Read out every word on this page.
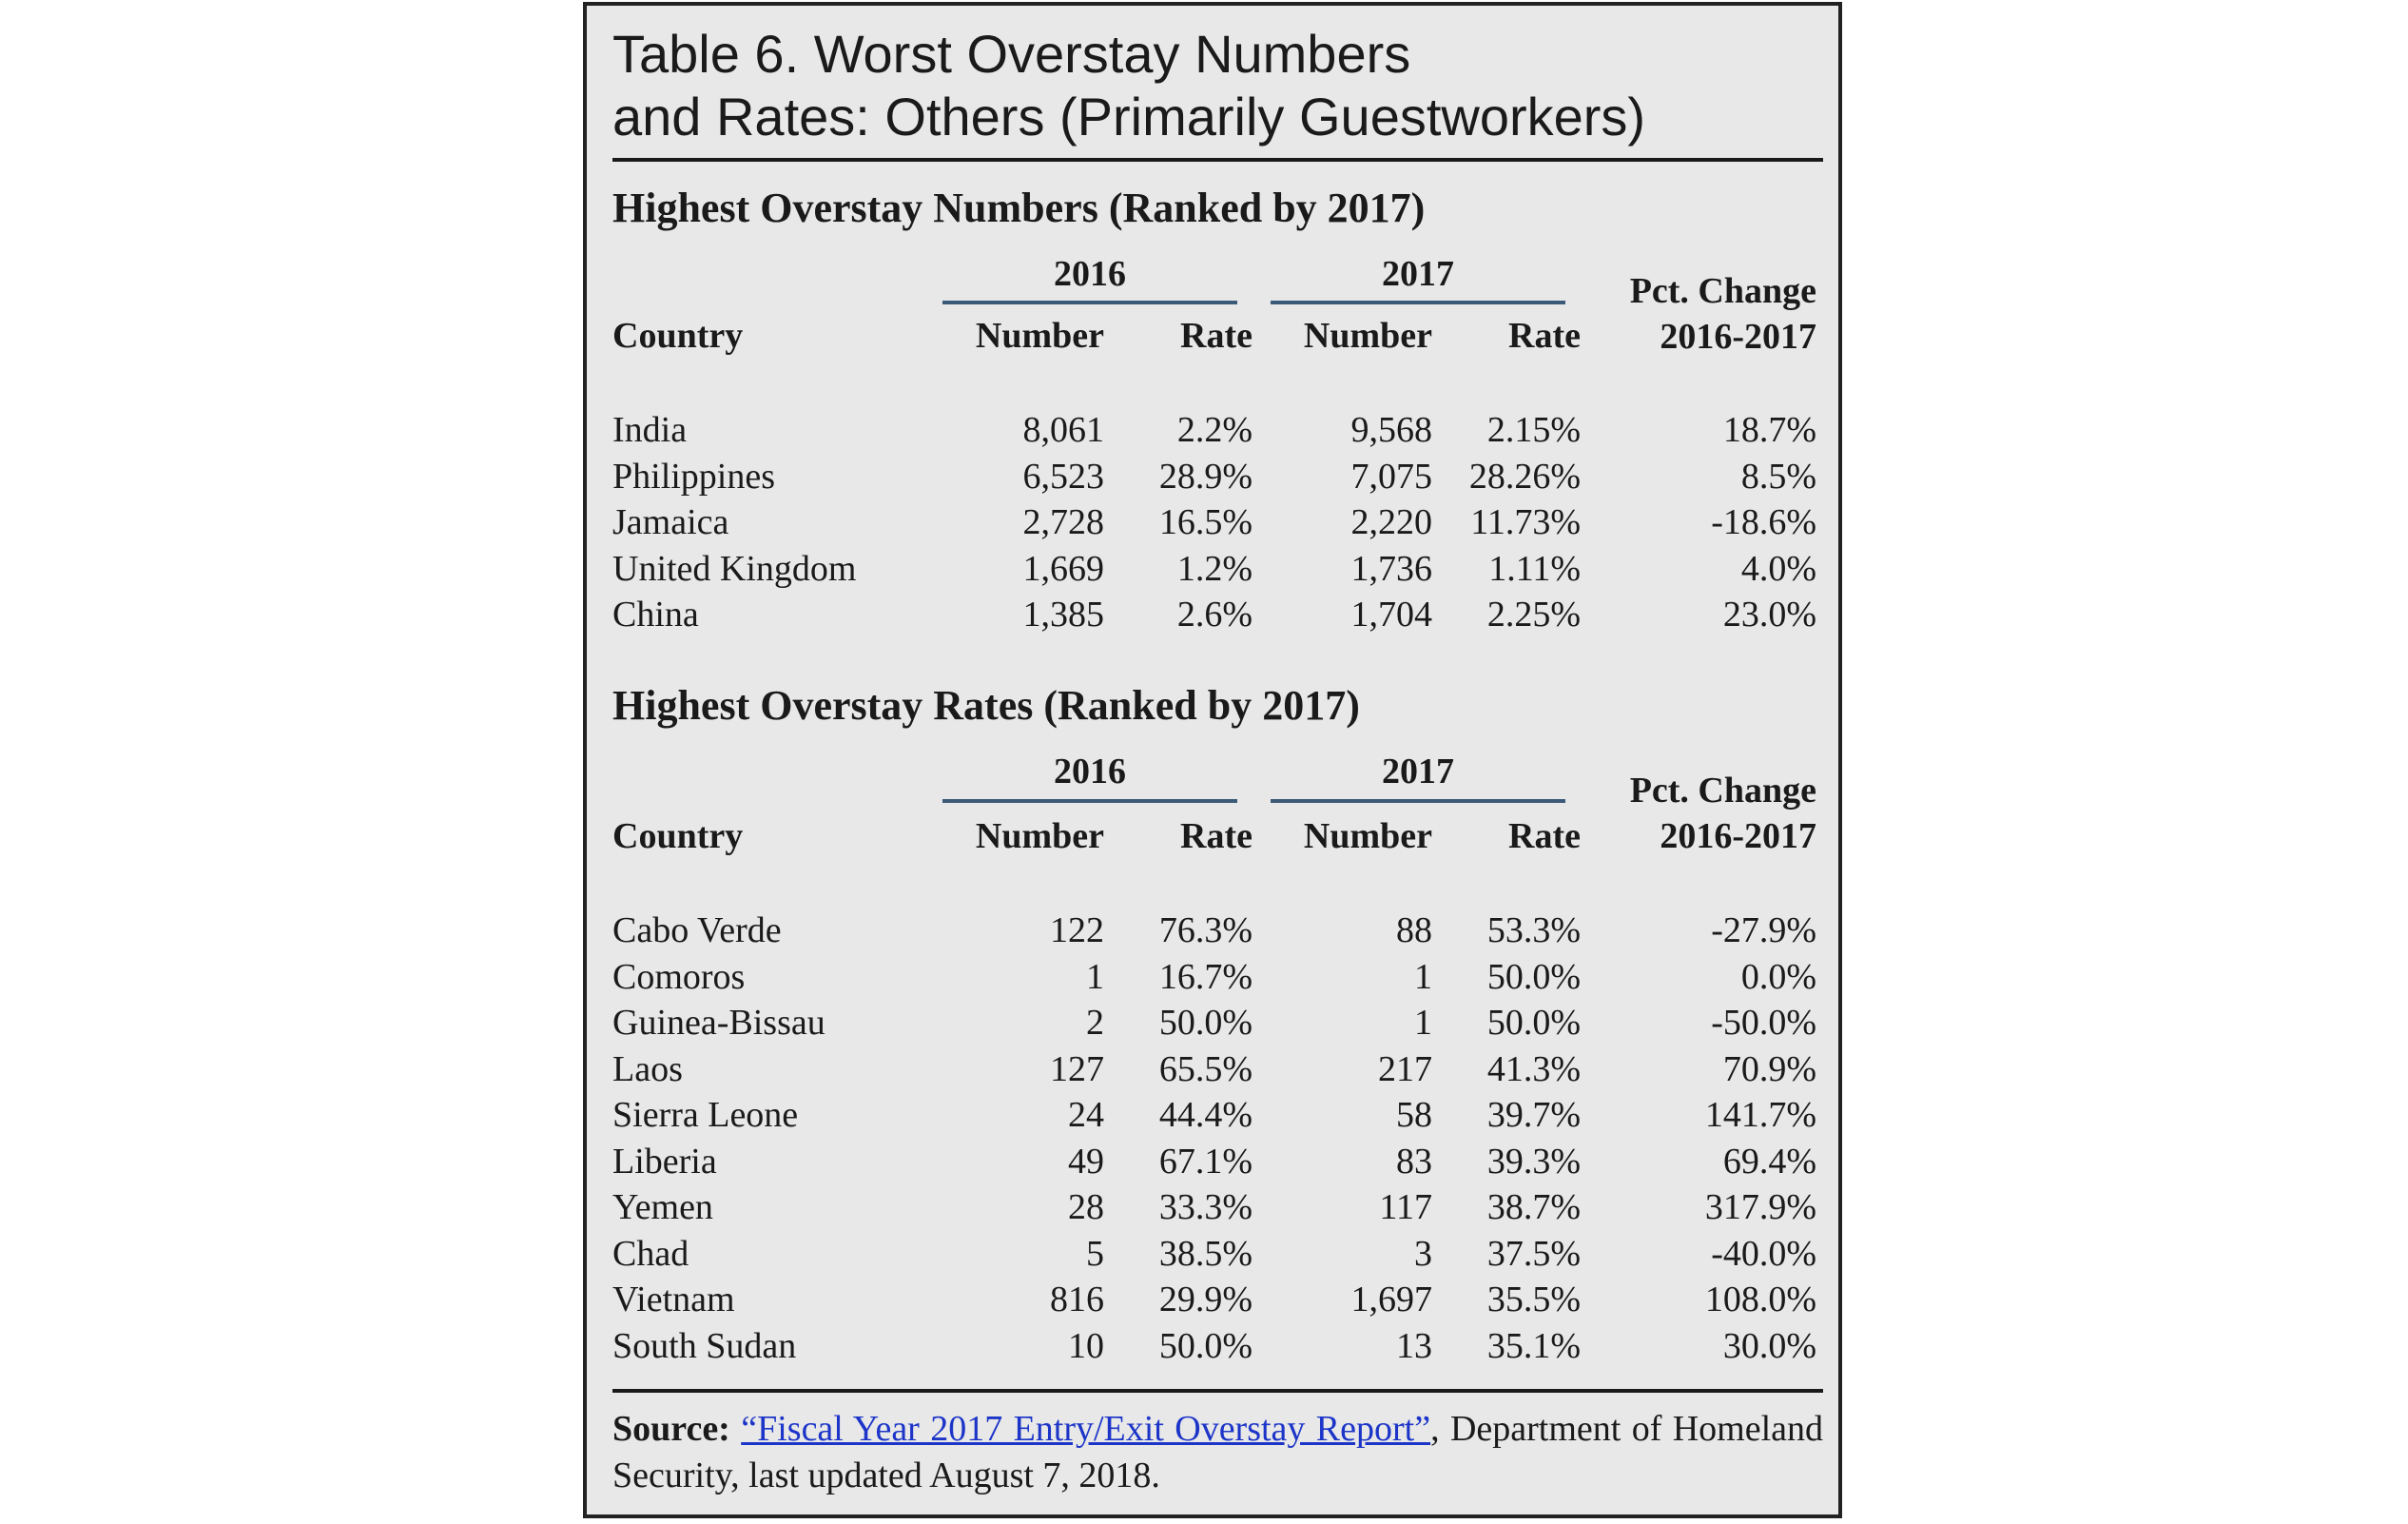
Table 6. Worst Overstay Numbers
and Rates: Others (Primarily Guestworkers)
Highest Overstay Numbers (Ranked by 2017)
2016	2017	Pct. Change
2016-2017
Country	Number Rate Number Rate
India	8,061 2.2%	9,568 2.15%	18.7%
Philippines	6,523 28.9%	7,075 28.26%	8.5%
Jamaica	2,728 16.5%	2,220 11.73%	-18.6%
United Kingdom	1,669 1.2%	1,736 1.11%	4.0%
China	1,385 2.6%	1,704 2.25%	23.0%
Highest Overstay Rates (Ranked by 2017)
2016	2017	Pct. Change
2016-2017
Country	Number Rate Number Rate
Cabo Verde	122 76.3%	88 53.3%	-27.9%
Comoros	1 16.7%	1 50.0%	0.0%
Guinea-Bissau	2 50.0%	1 50.0%	-50.0%
Laos	127 65.5%	217 41.3%	70.9%
Sierra Leone	24 44.4%	58 39.7%	141.7%
Liberia	49 67.1%	83 39.3%	69.4%
Yemen	28 33.3%	117 38.7%	317.9%
Chad	5 38.5%	3 37.5%	-40.0%
Vietnam	816 29.9%	1,697 35.5%	108.0%
South Sudan	10 50.0%	13 35.1%	30.0%
Source: “Fiscal Year 2017 Entry/Exit Overstay Report”, Department of Homeland Security, last updated August 7, 2018.
